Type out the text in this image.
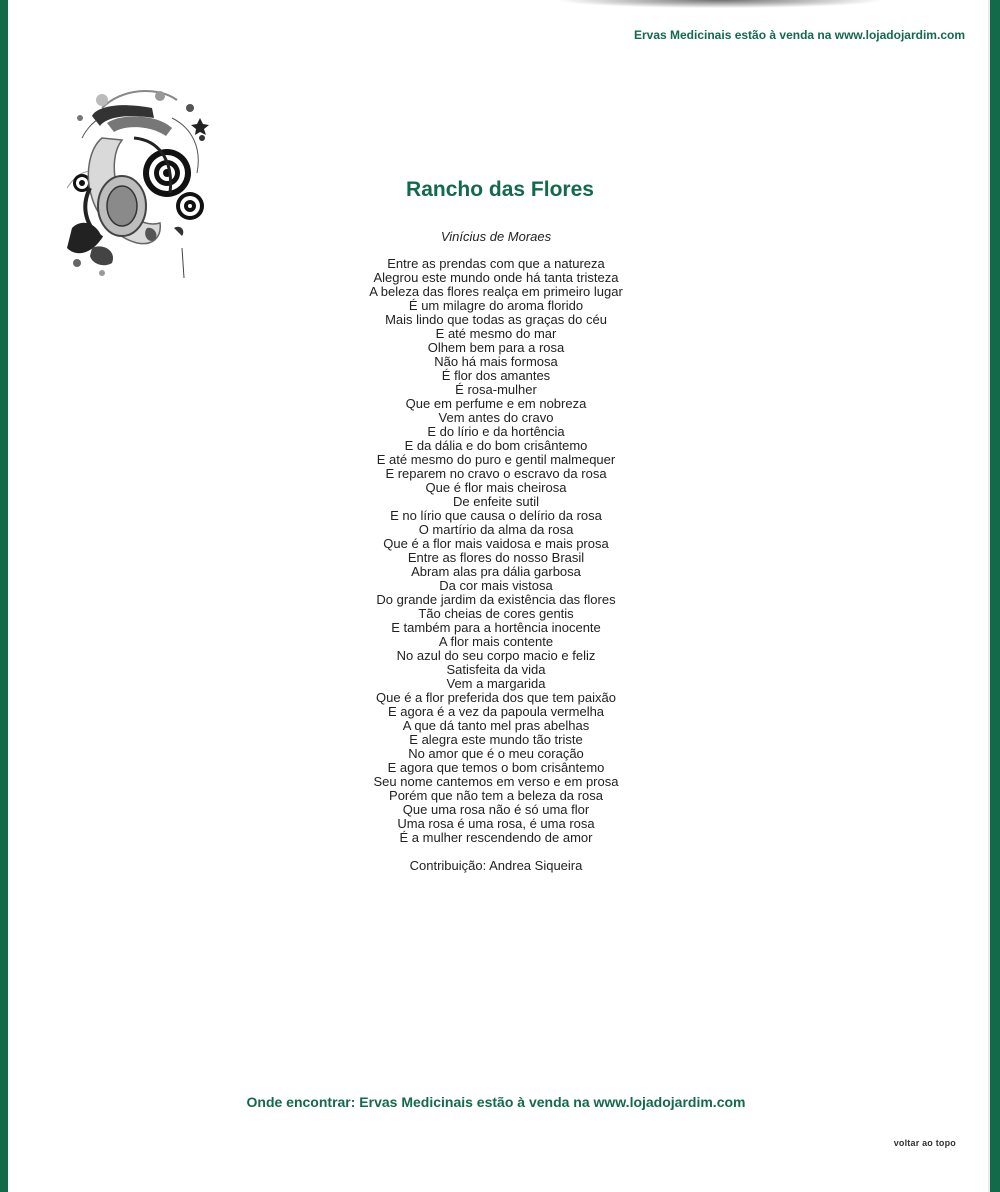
Ervas Medicinais estão à venda na www.lojadojardim.com
Rancho das Flores
Vinícius de Moraes
Entre as prendas com que a natureza
Alegrou este mundo onde há tanta tristeza
A beleza das flores realça em primeiro lugar
É um milagre do aroma florido
Mais lindo que todas as graças do céu
E até mesmo do mar
Olhem bem para a rosa
Não há mais formosa
É flor dos amantes
É rosa-mulher
Que em perfume e em nobreza
Vem antes do cravo
E do lírio e da hortência
E da dália e do bom crisântemo
E até mesmo do puro e gentil malmequer
E reparem no cravo o escravo da rosa
Que é flor mais cheirosa
De enfeite sutil
E no lírio que causa o delírio da rosa
O martírio da alma da rosa
Que é a flor mais vaidosa e mais prosa
Entre as flores do nosso Brasil
Abram alas pra dália garbosa
Da cor mais vistosa
Do grande jardim da existência das flores
Tão cheias de cores gentis
E também para a hortência inocente
A flor mais contente
No azul do seu corpo macio e feliz
Satisfeita da vida
Vem a margarida
Que é a flor preferida dos que tem paixão
E agora é a vez da papoula vermelha
A que dá tanto mel pras abelhas
E alegra este mundo tão triste
No amor que é o meu coração
E agora que temos o bom crisântemo
Seu nome cantemos em verso e em prosa
Porém que não tem a beleza da rosa
Que uma rosa não é só uma flor
Uma rosa é uma rosa, é uma rosa
É a mulher rescendendo de amor
Contribuição: Andrea Siqueira
Onde encontrar: Ervas Medicinais estão à venda na www.lojadojardim.com
voltar ao topo
